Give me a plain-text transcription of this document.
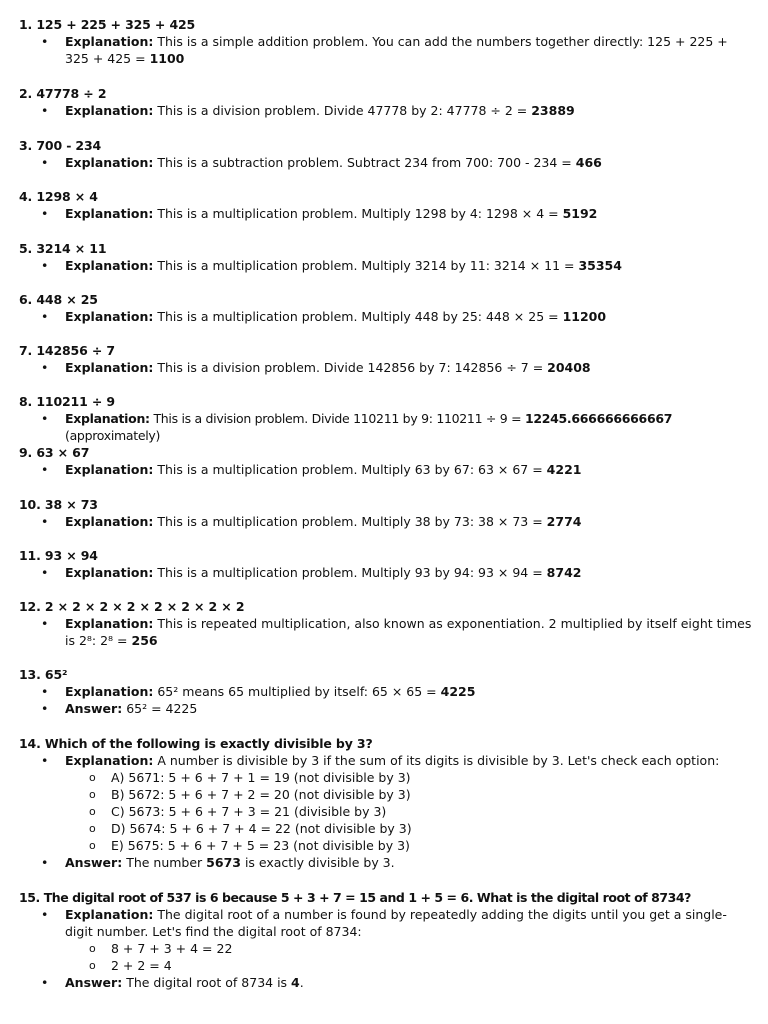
1. 125 + 225 + 325 + 425
• Explanation: This is a simple addition problem. You can add the numbers together directly: 125 + 225 + 325 + 425 = 1100
2. 47778 ÷ 2
• Explanation: This is a division problem. Divide 47778 by 2: 47778 ÷ 2 = 23889
3. 700 - 234
• Explanation: This is a subtraction problem. Subtract 234 from 700: 700 - 234 = 466
4. 1298 × 4
• Explanation: This is a multiplication problem. Multiply 1298 by 4: 1298 × 4 = 5192
5. 3214 × 11
• Explanation: This is a multiplication problem. Multiply 3214 by 11: 3214 × 11 = 35354
6. 448 × 25
• Explanation: This is a multiplication problem. Multiply 448 by 25: 448 × 25 = 11200
7. 142856 ÷ 7
• Explanation: This is a division problem. Divide 142856 by 7: 142856 ÷ 7 = 20408
8. 110211 ÷ 9
• Explanation: This is a division problem. Divide 110211 by 9: 110211 ÷ 9 = 12245.666666666667 (approximately)
9. 63 × 67
• Explanation: This is a multiplication problem. Multiply 63 by 67: 63 × 67 = 4221
10. 38 × 73
• Explanation: This is a multiplication problem. Multiply 38 by 73: 38 × 73 = 2774
11. 93 × 94
• Explanation: This is a multiplication problem. Multiply 93 by 94: 93 × 94 = 8742
12. 2 × 2 × 2 × 2 × 2 × 2 × 2 × 2
• Explanation: This is repeated multiplication, also known as exponentiation. 2 multiplied by itself eight times is 2⁸: 2⁸ = 256
13. 65²
• Explanation: 65² means 65 multiplied by itself: 65 × 65 = 4225
• Answer: 65² = 4225
14. Which of the following is exactly divisible by 3?
• Explanation: A number is divisible by 3 if the sum of its digits is divisible by 3. Let's check each option:
o A) 5671: 5 + 6 + 7 + 1 = 19 (not divisible by 3)
o B) 5672: 5 + 6 + 7 + 2 = 20 (not divisible by 3)
o C) 5673: 5 + 6 + 7 + 3 = 21 (divisible by 3)
o D) 5674: 5 + 6 + 7 + 4 = 22 (not divisible by 3)
o E) 5675: 5 + 6 + 7 + 5 = 23 (not divisible by 3)
• Answer: The number 5673 is exactly divisible by 3.
15. The digital root of 537 is 6 because 5 + 3 + 7 = 15 and 1 + 5 = 6. What is the digital root of 8734?
• Explanation: The digital root of a number is found by repeatedly adding the digits until you get a single-digit number. Let's find the digital root of 8734:
o 8 + 7 + 3 + 4 = 22
o 2 + 2 = 4
• Answer: The digital root of 8734 is 4.
